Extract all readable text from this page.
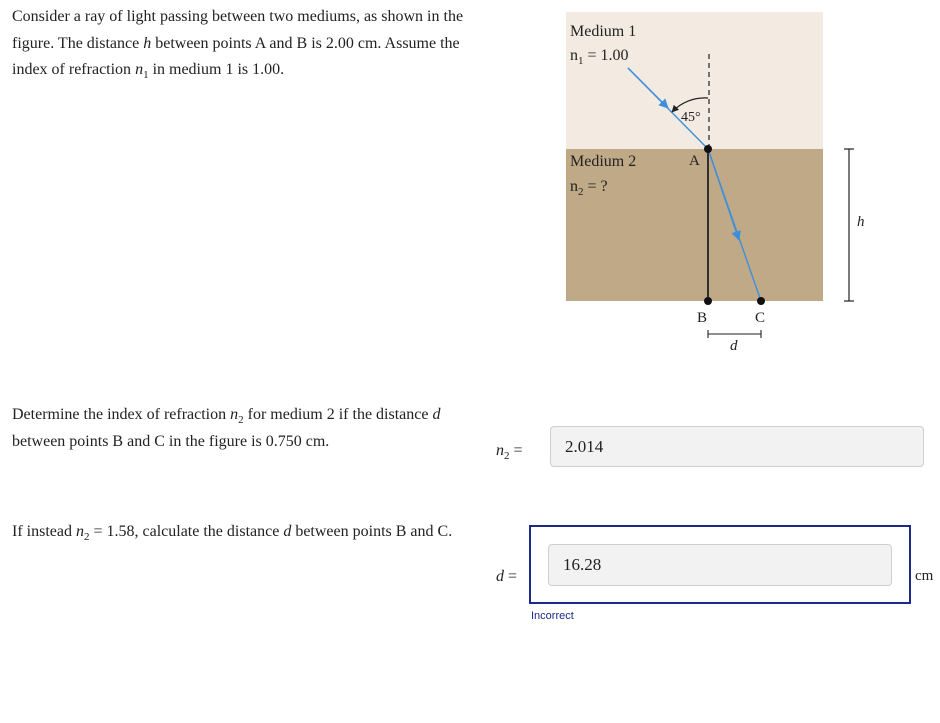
Consider a ray of light passing between two mediums, as shown in the figure. The distance h between points A and B is 2.00 cm. Assume the index of refraction $n_1$ in medium 1 is 1.00.

Medium 1
$n_1 = 1.00$
45°
Medium 2
$n_2$ = ?
A
B	C
h
d

Determine the index of refraction $n_2$ for medium 2 if the distance d between points B and C in the figure is 0.750 cm.

$n_2$ =
2.014

If instead $n_2 = 1.58$, calculate the distance d between points B and C.

d =
16.28	cm
Incorrect
